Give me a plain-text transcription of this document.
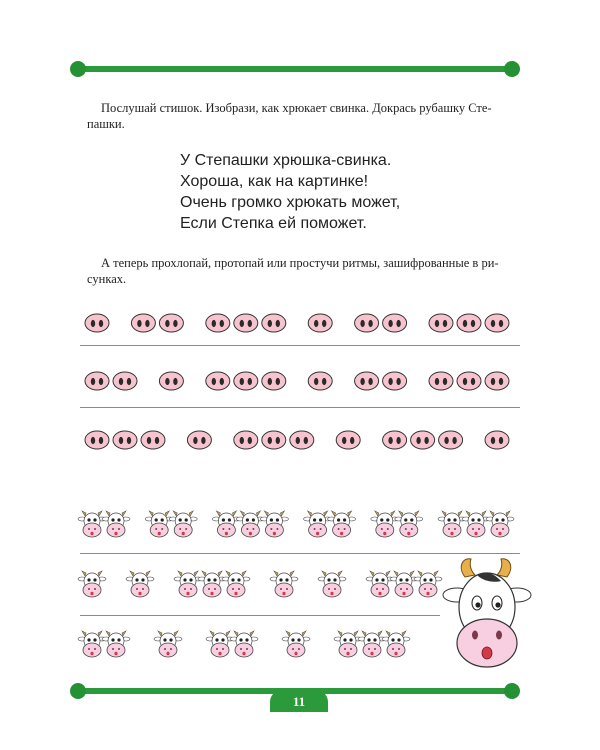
Послушай стишок. Изобрази, как хрюкает свинка. Докрась рубашку Сте-

пашки.

У Степашки хрюшка-свинка.
Хороша, как на картинке!
Очень громко хрюкать может,
Если Степка ей поможет.

А теперь прохлопай, протопай или простучи ритмы, зашифрованные в ри-

сунках.

11
